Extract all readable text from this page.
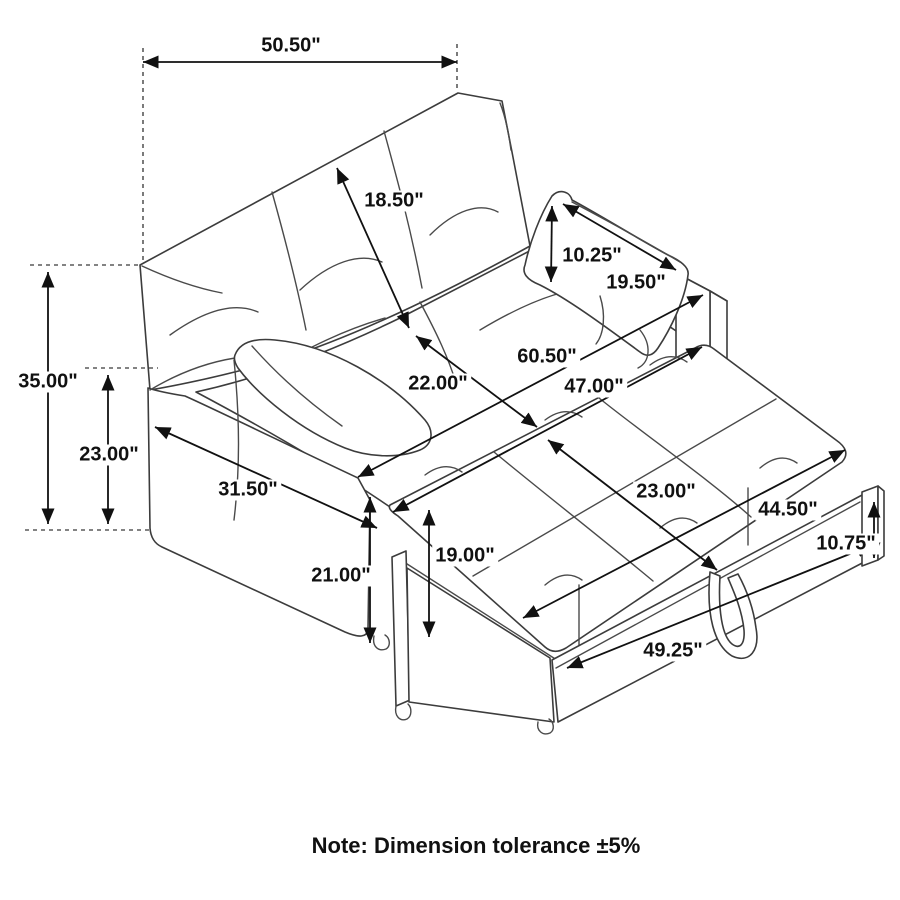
50.50"
35.00"
23.00"
18.50"
22.00"
10.25"
19.50"
60.50"
47.00"
31.50"	23.00"
21.00"
19.00"
44.50"
49.25"
10.75"
Note: Dimension tolerance ±5%
